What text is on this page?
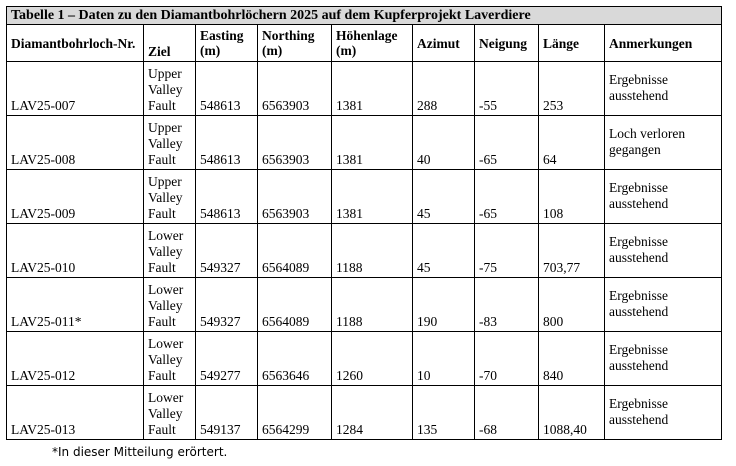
Tabelle 1 – Daten zu den Diamantbohrlöchern 2025 auf dem Kupferprojekt Laverdiere								
Diamantbohrloch-Nr.	Ziel	Easting (m)	Northing (m)	Höhenlage (m)	Azimut	Neigung	Länge	Anmerkungen
LAV25-007	Upper Valley Fault	548613	6563903	1381	288	-55	253	Ergebnisse ausstehend
LAV25-008	Upper Valley Fault	548613	6563903	1381	40	-65	64	Loch verloren gegangen
LAV25-009	Upper Valley Fault	548613	6563903	1381	45	-65	108	Ergebnisse ausstehend
LAV25-010	Lower Valley Fault	549327	6564089	1188	45	-75	703,77	Ergebnisse ausstehend
LAV25-011*	Lower Valley Fault	549327	6564089	1188	190	-83	800	Ergebnisse ausstehend
LAV25-012	Lower Valley Fault	549277	6563646	1260	10	-70	840	Ergebnisse ausstehend
LAV25-013	Lower Valley Fault	549137	6564299	1284	135	-68	1088,40	Ergebnisse ausstehend
*In dieser Mitteilung erörtert.
